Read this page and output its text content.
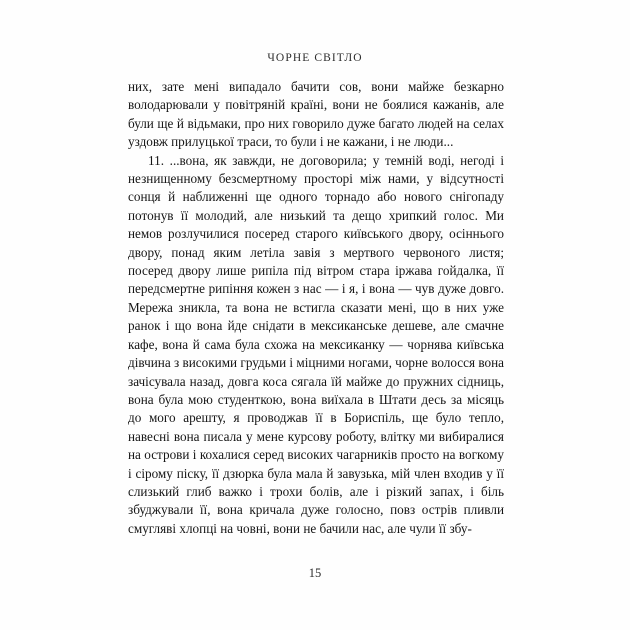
ЧОРНЕ СВІТЛО

них, зате мені випадало бачити сов, вони майже безкарно володарювали у повітряній країні, вони не боялися кажанів, але були ще й відьмаки, про них говорило дуже багато людей на селах уздовж прилуцької траси, то були і не кажани, і не люди...

11. ...вона, як завжди, не договорила; у темній воді, негоді і незнищенному безсмертному просторі між нами, у відсутності сонця й наближенні ще одного торнадо або нового снігопаду потонув її молодий, але низький та дещо хрипкий голос. Ми немов розлучилися посеред старого київського двору, осіннього двору, понад яким летіла завія з мертвого червоного листя; посеред двору лише рипіла під вітром стара іржава гойдалка, її передсмертне рипіння кожен з нас — і я, і вона — чув дуже довго. Мережа зникла, та вона не встигла сказати мені, що в них уже ранок і що вона йде снідати в мексиканське дешеве, але смачне кафе, вона й сама була схожа на мексиканку — чорнява київська дівчина з високими грудьми і міцними ногами, чорне волосся вона зачісувала назад, довга коса сягала їй майже до пружних сідниць, вона була мою студенткою, вона виїхала в Штати десь за місяць до мого арешту, я проводжав її в Бориспіль, ще було тепло, навесні вона писала у мене курсову роботу, влітку ми вибиралися на острови і кохалися серед високих чагарників просто на вогкому і сірому піску, її дзюрка була мала й завузька, мій член входив у її слизький глиб важко і трохи болів, але і різкий запах, і біль збуджували її, вона кричала дуже голосно, повз острів пливли смугляві хлопці на човні, вони не бачили нас, але чули її збу-

15
